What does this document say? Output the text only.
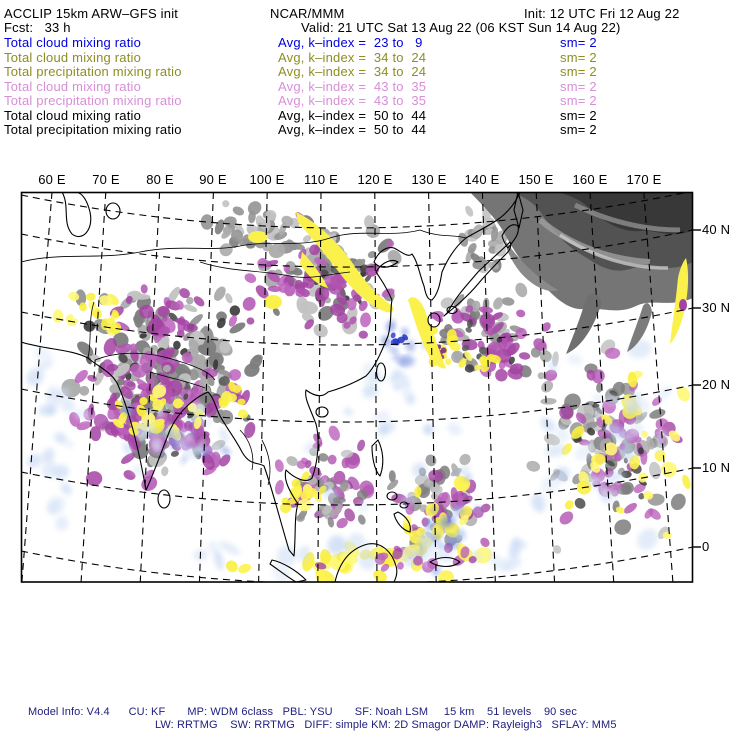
ACCLIP 15km ARW–GFS init	NCAR/MMM	Init: 12 UTC Fri 12 Aug 22
Fcst:   33 h	Valid: 21 UTC Sat 13 Aug 22 (06 KST Sun 14 Aug 22)
Total cloud mixing ratio	Avg, k–index =  23 to   9	sm= 2
Total cloud mixing ratio	Avg, k–index =  34 to  24	sm= 2
Total precipitation mixing ratio	Avg, k–index =  34 to  24	sm= 2
Total cloud mixing ratio	Avg, k–index =  43 to  35	sm= 2
Total precipitation mixing ratio	Avg, k–index =  43 to  35	sm= 2
Total cloud mixing ratio	Avg, k–index =  50 to  44	sm= 2
Total precipitation mixing ratio	Avg, k–index =  50 to  44	sm= 2
60 E	70 E	80 E	90 E	100 E	110 E	120 E	130 E	140 E	150 E	160 E	170 E
40 N
30 N
20 N
10 N
0
Model Info: V4.4      CU: KF       MP: WDM 6class   PBL: YSU       SF: Noah LSM     15 km    51 levels    90 sec
LW: RRTMG    SW: RRTMG   DIFF: simple KM: 2D Smagor DAMP: Rayleigh3   SFLAY: MM5
